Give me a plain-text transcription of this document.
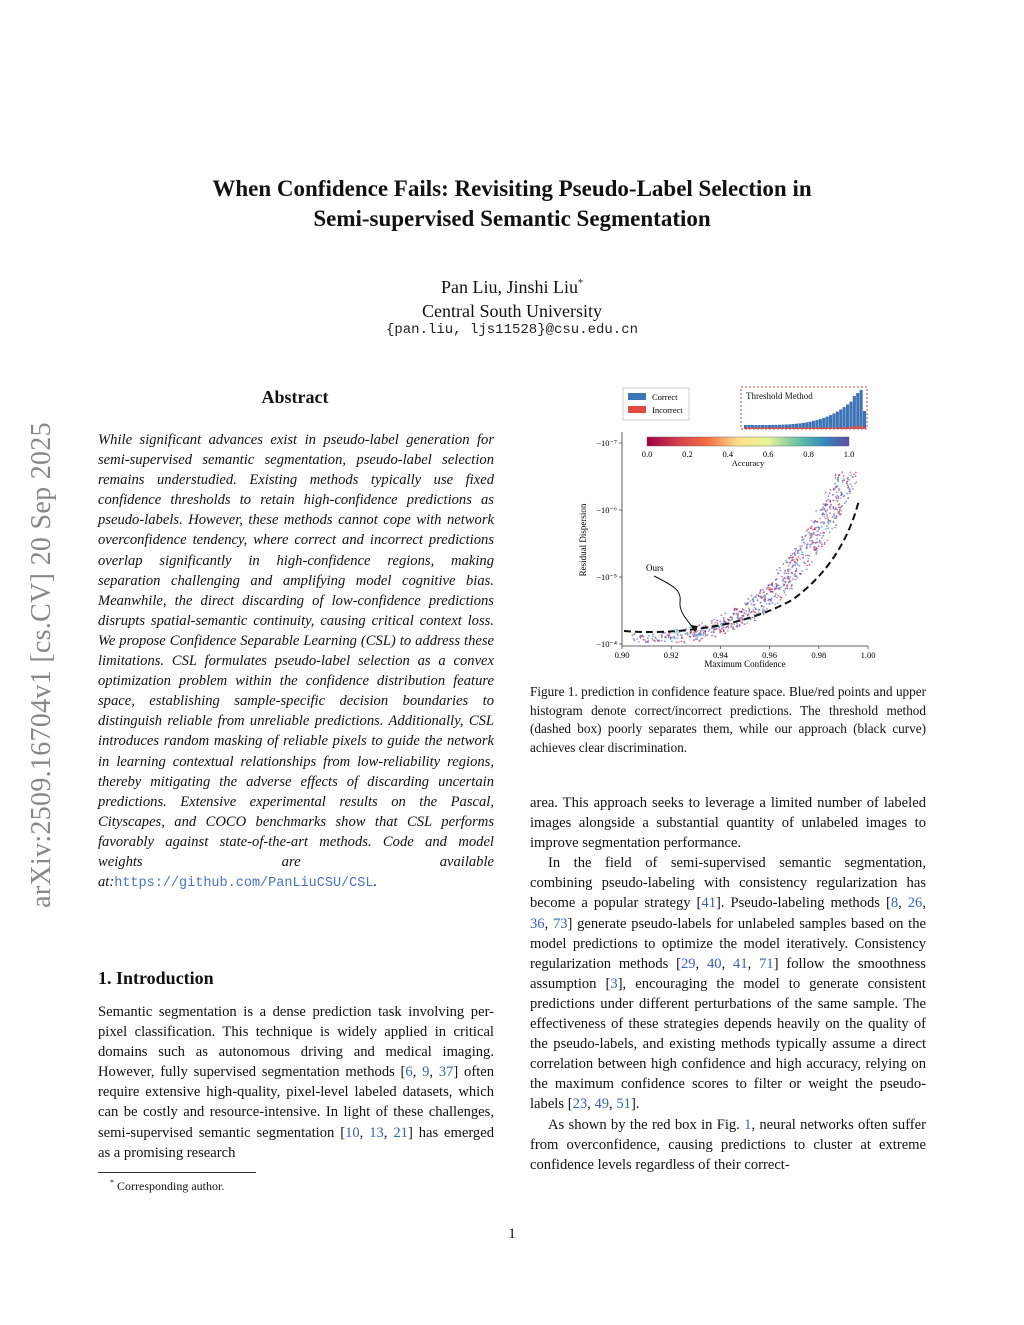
arXiv:2509.16704v1 [cs.CV] 20 Sep 2025
When Confidence Fails: Revisiting Pseudo-Label Selection in
Semi-supervised Semantic Segmentation
Pan Liu, Jinshi Liu*
Central South University
{pan.liu, ljs11528}@csu.edu.cn
Abstract
While significant advances exist in pseudo-label generation for semi-supervised semantic segmentation, pseudo-label selection remains understudied. Existing methods typically use fixed confidence thresholds to retain high-confidence predictions as pseudo-labels. However, these methods cannot cope with network overconfidence tendency, where correct and incorrect predictions overlap significantly in high-confidence regions, making separation challenging and amplifying model cognitive bias. Meanwhile, the direct discarding of low-confidence predictions disrupts spatial-semantic continuity, causing critical context loss. We propose Confidence Separable Learning (CSL) to address these limitations. CSL formulates pseudo-label selection as a convex optimization problem within the confidence distribution feature space, establishing sample-specific decision boundaries to distinguish reliable from unreliable predictions. Additionally, CSL introduces random masking of reliable pixels to guide the network in learning contextual relationships from low-reliability regions, thereby mitigating the adverse effects of discarding uncertain predictions. Extensive experimental results on the Pascal, Cityscapes, and COCO benchmarks show that CSL performs favorably against state-of-the-art methods. Code and model weights are available at:https://github.com/PanLiuCSU/CSL.
1. Introduction
Semantic segmentation is a dense prediction task involving per-pixel classification. This technique is widely applied in critical domains such as autonomous driving and medical imaging. However, fully supervised segmentation methods [6, 9, 37] often require extensive high-quality, pixel-level labeled datasets, which can be costly and resource-intensive. In light of these challenges, semi-supervised semantic segmentation [10, 13, 21] has emerged as a promising research
* Corresponding author.
Threshold Method
Correct
Incorrect
0.0	0.2	0.4	0.6	0.8	1.0
Accuracy
0.90	0.92	0.94	0.96	0.98	1.00
−10⁻⁷
−10⁻⁶
−10⁻⁵
−10⁻⁴
Maximum Confidence
Residual Dispersion	Ours
Figure 1. prediction in confidence feature space. Blue/red points and upper histogram denote correct/incorrect predictions. The threshold method (dashed box) poorly separates them, while our approach (black curve) achieves clear discrimination.
area. This approach seeks to leverage a limited number of labeled images alongside a substantial quantity of unlabeled images to improve segmentation performance.
In the field of semi-supervised semantic segmentation, combining pseudo-labeling with consistency regularization has become a popular strategy [41]. Pseudo-labeling methods [8, 26, 36, 73] generate pseudo-labels for unlabeled samples based on the model predictions to optimize the model iteratively. Consistency regularization methods [29, 40, 41, 71] follow the smoothness assumption [3], encouraging the model to generate consistent predictions under different perturbations of the same sample. The effectiveness of these strategies depends heavily on the quality of the pseudo-labels, and existing methods typically assume a direct correlation between high confidence and high accuracy, relying on the maximum confidence scores to filter or weight the pseudo-labels [23, 49, 51].
As shown by the red box in Fig. 1, neural networks often suffer from overconfidence, causing predictions to cluster at extreme confidence levels regardless of their correct-
1
